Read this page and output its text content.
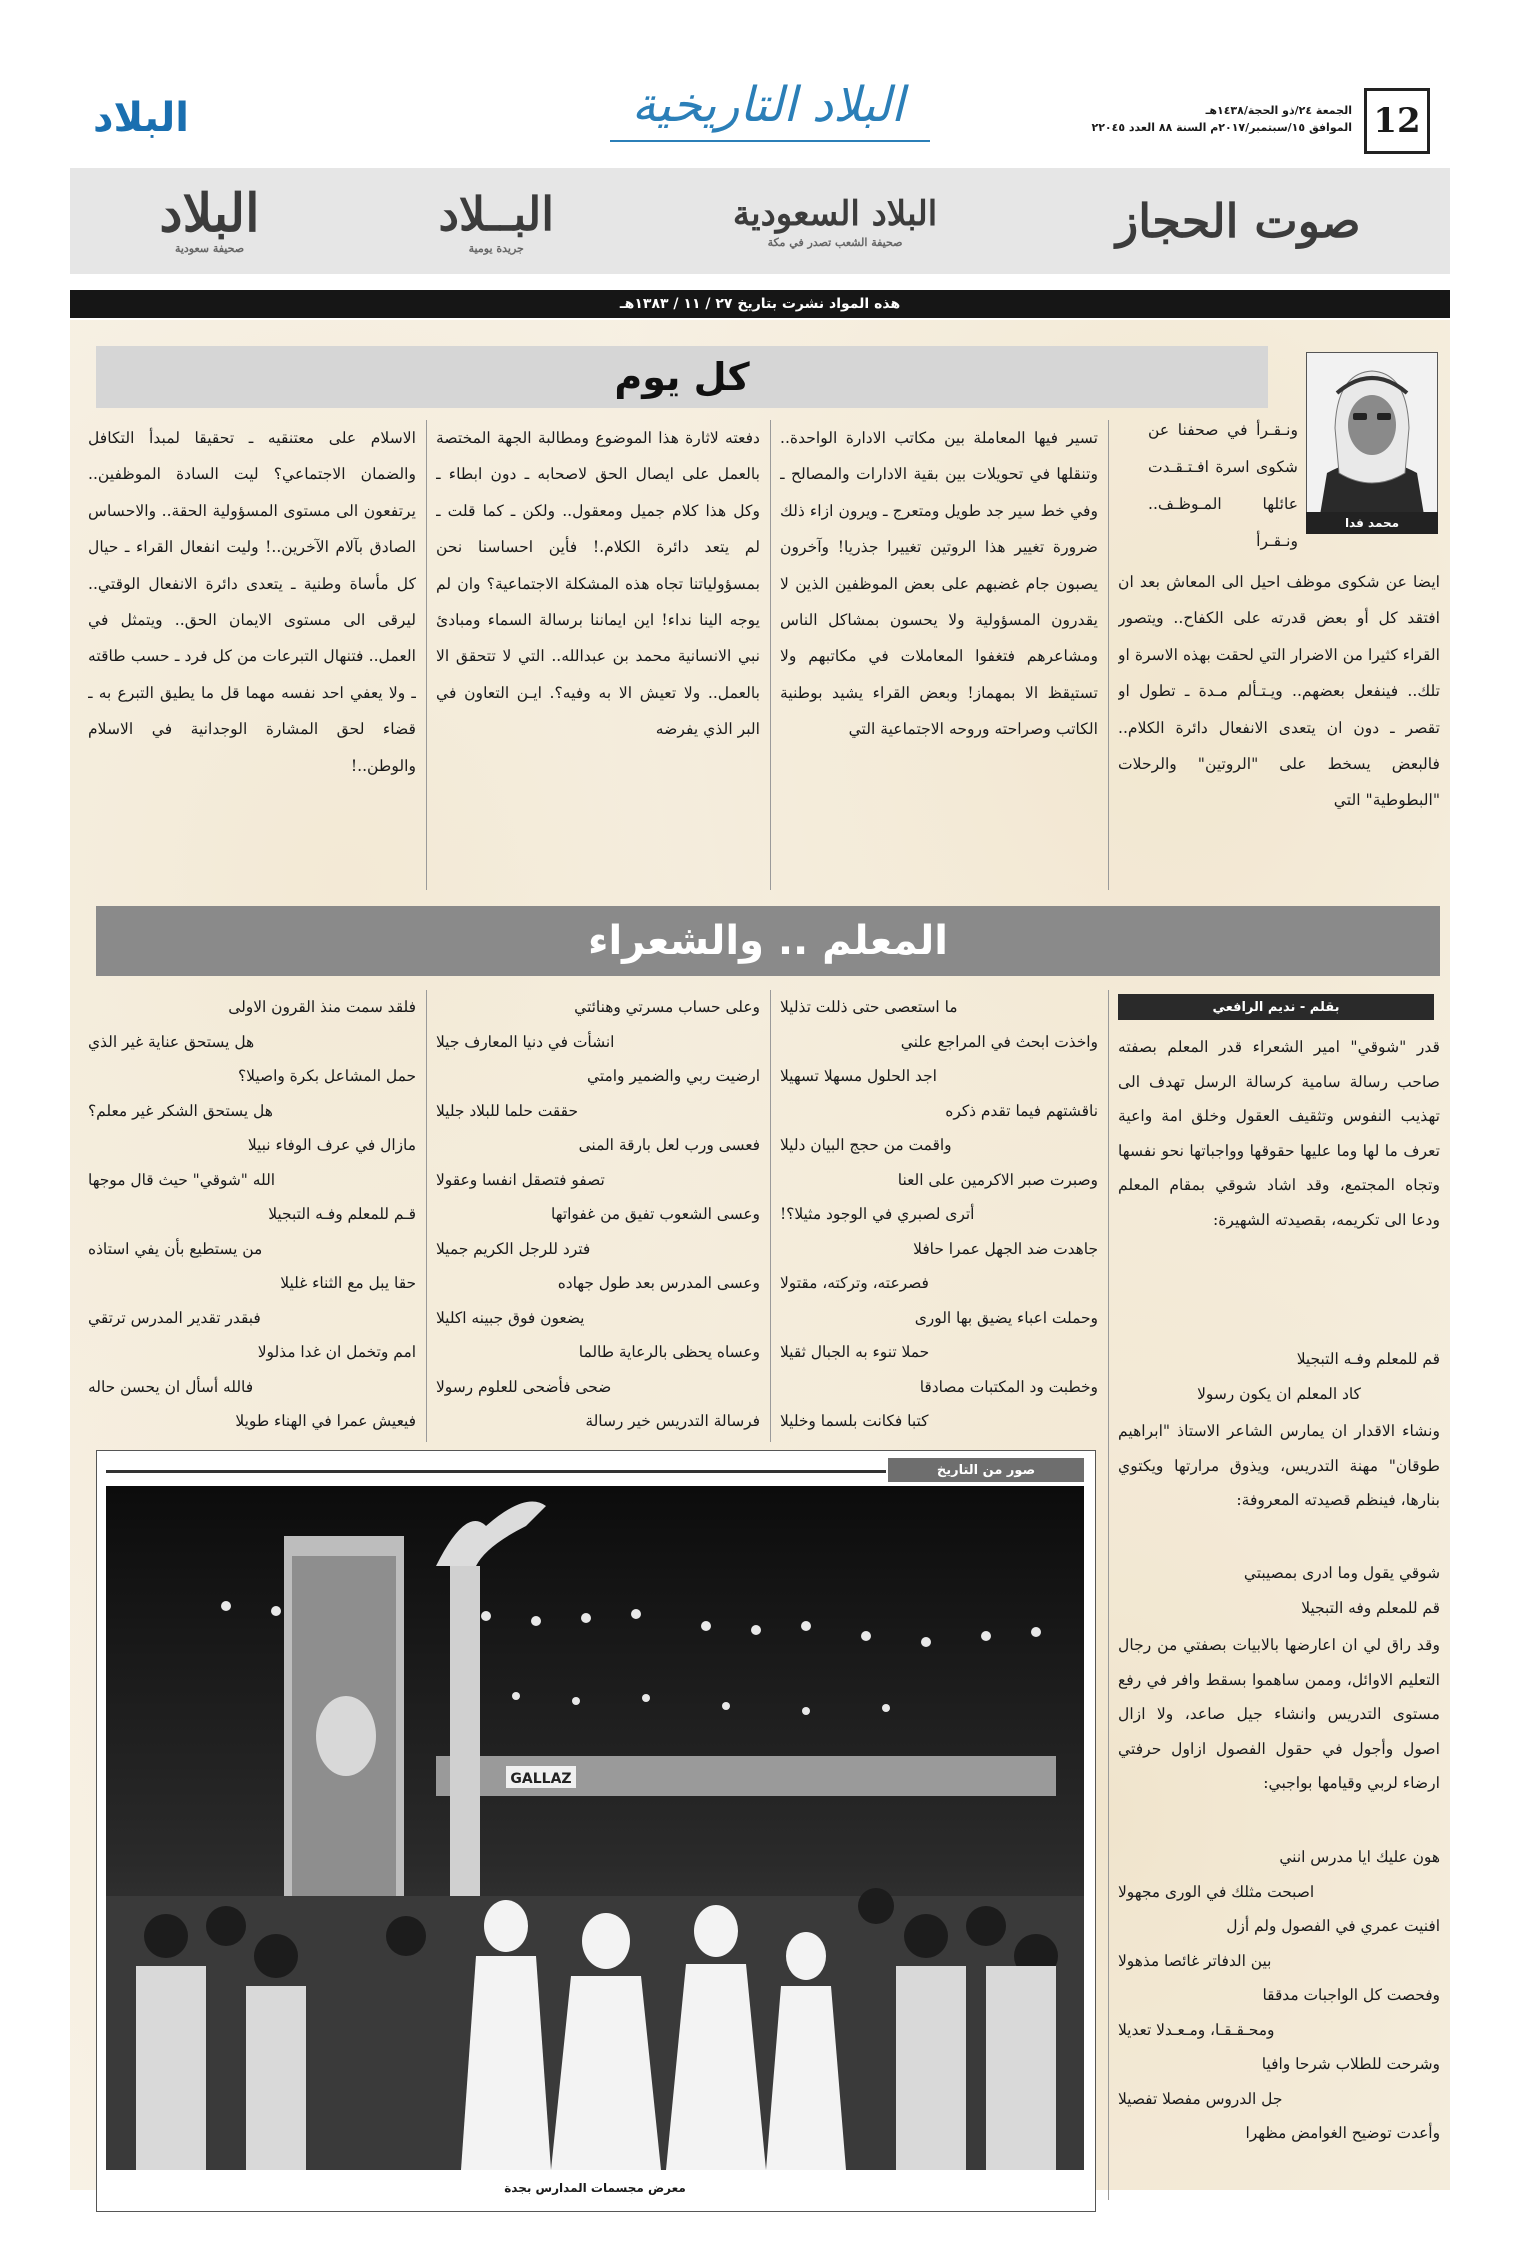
12
الجمعة ٢٤/ذو الحجة/١٤٣٨هـ
الموافق ١٥/سبتمبر/٢٠١٧م السنة ٨٨ العدد ٢٢٠٤٥
البلاد التاريخية
البلاد
صوت الحجاز
البلاد السعودية
صحيفة الشعب تصدر في مكة
البــلاد
جريدة يومية
البلاد
صحيفة سعودية
هذه المواد نشرت بتاريخ ٢٧ / ١١ / ١٣٨٣هـ
كل يوم
محمد فدا
ونـقـرأ في صحفنا عن شكوى اسرة افـتـقـدت عائلها المـوظـف.. ونـقـرأ
ايضا عن شكوى موظف احيل الى المعاش بعد ان افتقد كل أو بعض قدرته على الكفاح.. ويتصور القراء كثيرا من الاضرار التي لحقت بهذه الاسرة او تلك.. فينفعل بعضهم.. ويـتـألم مـدة ـ تطول او تقصر ـ دون ان يتعدى الانفعال دائرة الكلام.. فالبعض يسخط على "الروتين" والرحلات "البطوطية" التي
تسير فيها المعاملة بين مكاتب الادارة الواحدة.. وتنقلها في تحويلات بين بقية الادارات والمصالح ـ وفي خط سير جد طويل ومتعرج ـ ويرون ازاء ذلك ضرورة تغيير هذا الروتين تغييرا جذريا! وآخرون يصبون جام غضبهم على بعض الموظفين الذين لا يقدرون المسؤولية ولا يحسون بمشاكل الناس ومشاعرهم فتغفوا المعاملات في مكاتبهم ولا تستيقظ الا بمهماز! وبعض القراء يشيد بوطنية الكاتب وصراحته وروحه الاجتماعية التي
دفعته لاثارة هذا الموضوع ومطالبة الجهة المختصة بالعمل على ايصال الحق لاصحابه ـ دون ابطاء ـ وكل هذا كلام جميل ومعقول.. ولكن ـ كما قلت ـ لم يتعد دائرة الكلام.! فأين احساسنا نحن بمسؤولياتنا تجاه هذه المشكلة الاجتماعية؟ وان لم يوجه الينا نداء! اين ايماننا برسالة السماء ومبادئ نبي الانسانية محمد بن عبدالله.. التي لا تتحقق الا بالعمل.. ولا تعيش الا به وفيه؟. ايـن التعاون في البر الذي يفرضه
الاسلام على معتنقيه ـ تحقيقا لمبدأ التكافل والضمان الاجتماعي؟ ليت السادة الموظفين.. يرتفعون الى مستوى المسؤولية الحقة.. والاحساس الصادق بآلام الآخرين..! وليت انفعال القراء ـ حيال كل مأساة وطنية ـ يتعدى دائرة الانفعال الوقتي.. ليرقى الى مستوى الايمان الحق.. ويتمثل في العمل.. فتنهال التبرعات من كل فرد ـ حسب طاقته ـ ولا يعفي احد نفسه مهما قل ما يطيق التبرع به ـ قضاء لحق المشارة الوجدانية في الاسلام والوطن..!
المعلم .. والشعراء
بقلم - نديم الرافعي
قدر "شوقي" امير الشعراء قدر المعلم بصفته صاحب رسالة سامية كرسالة الرسل تهدف الى تهذيب النفوس وتثقيف العقول وخلق امة واعية تعرف ما لها وما عليها حقوقها وواجباتها نحو نفسها وتجاه المجتمع، وقد اشاد شوقي بمقام المعلم ودعا الى تكريمه، بقصيدته الشهيرة:
قم للمعلم وفـه التبجيلا
كاد المعلم ان يكون رسولا
ونشاء الاقدار ان يمارس الشاعر الاستاذ "ابراهيم طوقان" مهنة التدريس، ويذوق مرارتها ويكتوي بنارها، فينظم قصيدته المعروفة:
شوقي يقول وما ادرى بمصيبتي
قم للمعلم وفه التبجيلا
وقد راق لي ان اعارضها بالابيات بصفتي من رجال التعليم الاوائل، وممن ساهموا بسقط وافر في رفع مستوى التدريس وانشاء جيل صاعد، ولا ازال اصول وأجول في حقول الفصول ازاول حرفتي ارضاء لربي وقيامها بواجبي:
هون عليك ايا مدرس انني
اصبحت مثلك في الورى مجهولا
افنيت عمري في الفصول ولم أزل
بين الدفاتر غائصا مذهولا
وفحصت كل الواجبات مدققا
ومحـقـقـا، ومـعـدلا تعديلا
وشرحت للطلاب شرحا وافيا
جل الدروس مفصلا تفصيلا
وأعدت توضيح الغوامض مظهرا
ما استعصى حتى ذللت تذليلا
واخذت ابحث في المراجع علني
اجد الحلول مسهلا تسهيلا
ناقشتهم فيما تقدم ذكره
واقمت من حجج البيان دليلا
وصبرت صبر الاكرمين على العنا
أترى لصبري في الوجود مثيلا؟!
جاهدت ضد الجهل عمرا حافلا
فصرعته، وتركته، مقتولا
وحملت اعباء يضيق بها الورى
حملا تنوء به الجبال ثقيلا
وخطبت ود المكتبات مصادقا
كتبا فكانت بلسما وخليلا
وعلى حساب مسرتي وهنائتي
انشأت في دنيا المعارف جيلا
ارضيت ربي والضمير وامتي
حققت حلما للبلاد جليلا
فعسى ورب لعل بارقة المنى
تصفو فتصقل انفسا وعقولا
وعسى الشعوب تفيق من غفواتها
فترد للرجل الكريم جميلا
وعسى المدرس بعد طول جهاده
يضعون فوق جبينه اكليلا
وعساه يحظى بالرعاية طالما
ضحى فأضحى للعلوم رسولا
فرسالة التدريس خير رسالة
فلقد سمت منذ القرون الاولى
هل يستحق عناية غير الذي
حمل المشاعل بكرة واصيلا؟
هل يستحق الشكر غير معلم؟
مازال في عرف الوفاء نبيلا
الله "شوقي" حيث قال موجها
قـم للمعلم وفـه التبجيلا
من يستطيع بأن يفي استاذه
حقا يبل مع الثناء غليلا
فبقدر تقدير المدرس ترتقي
امم وتخمل ان غدا مذلولا
فالله أسأل ان يحسن حاله
فيعيش عمرا في الهناء طويلا
صور من التاريخ
GALLAZ
معرض مجسمات المدارس بجدة
